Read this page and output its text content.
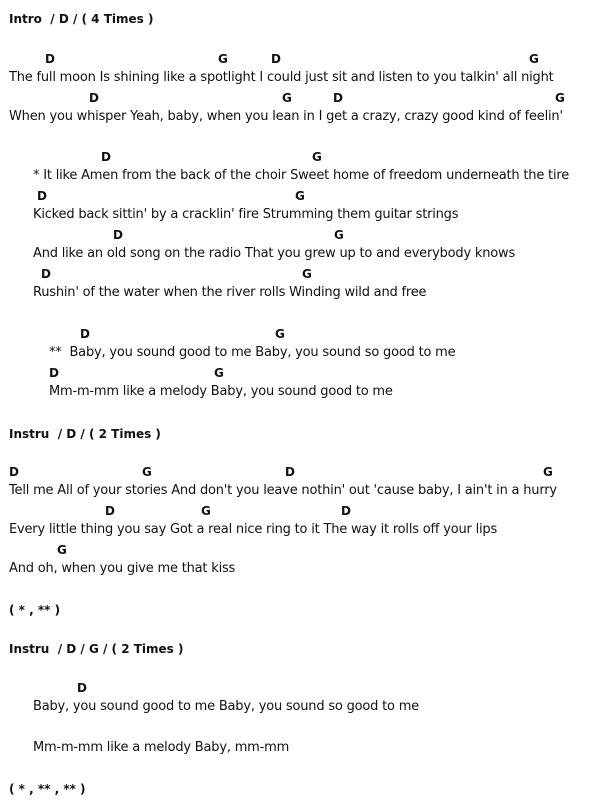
Intro  / D / ( 4 Times )
D	G	D	G
The full moon Is shining like a spotlight I could just sit and listen to you talkin' all night
D	G	D	G
When you whisper Yeah, baby, when you lean in I get a crazy, crazy good kind of feelin'
D	G
* It like Amen from the back of the choir Sweet home of freedom underneath the tire
D	G
Kicked back sittin' by a cracklin' fire Strumming them guitar strings
D	G
And like an old song on the radio That you grew up to and everybody knows
D	G
Rushin' of the water when the river rolls Winding wild and free
D	G
**  Baby, you sound good to me Baby, you sound so good to me
D	G
Mm-m-mm like a melody Baby, you sound good to me
Instru  / D / ( 2 Times )
D	G	D	G
Tell me All of your stories And don't you leave nothin' out 'cause baby, I ain't in a hurry
D	G	D
Every little thing you say Got a real nice ring to it The way it rolls off your lips
G
And oh, when you give me that kiss
( * , ** )
Instru  / D / G / ( 2 Times )
D
Baby, you sound good to me Baby, you sound so good to me
Mm-m-mm like a melody Baby, mm-mm
( * , ** , ** )
